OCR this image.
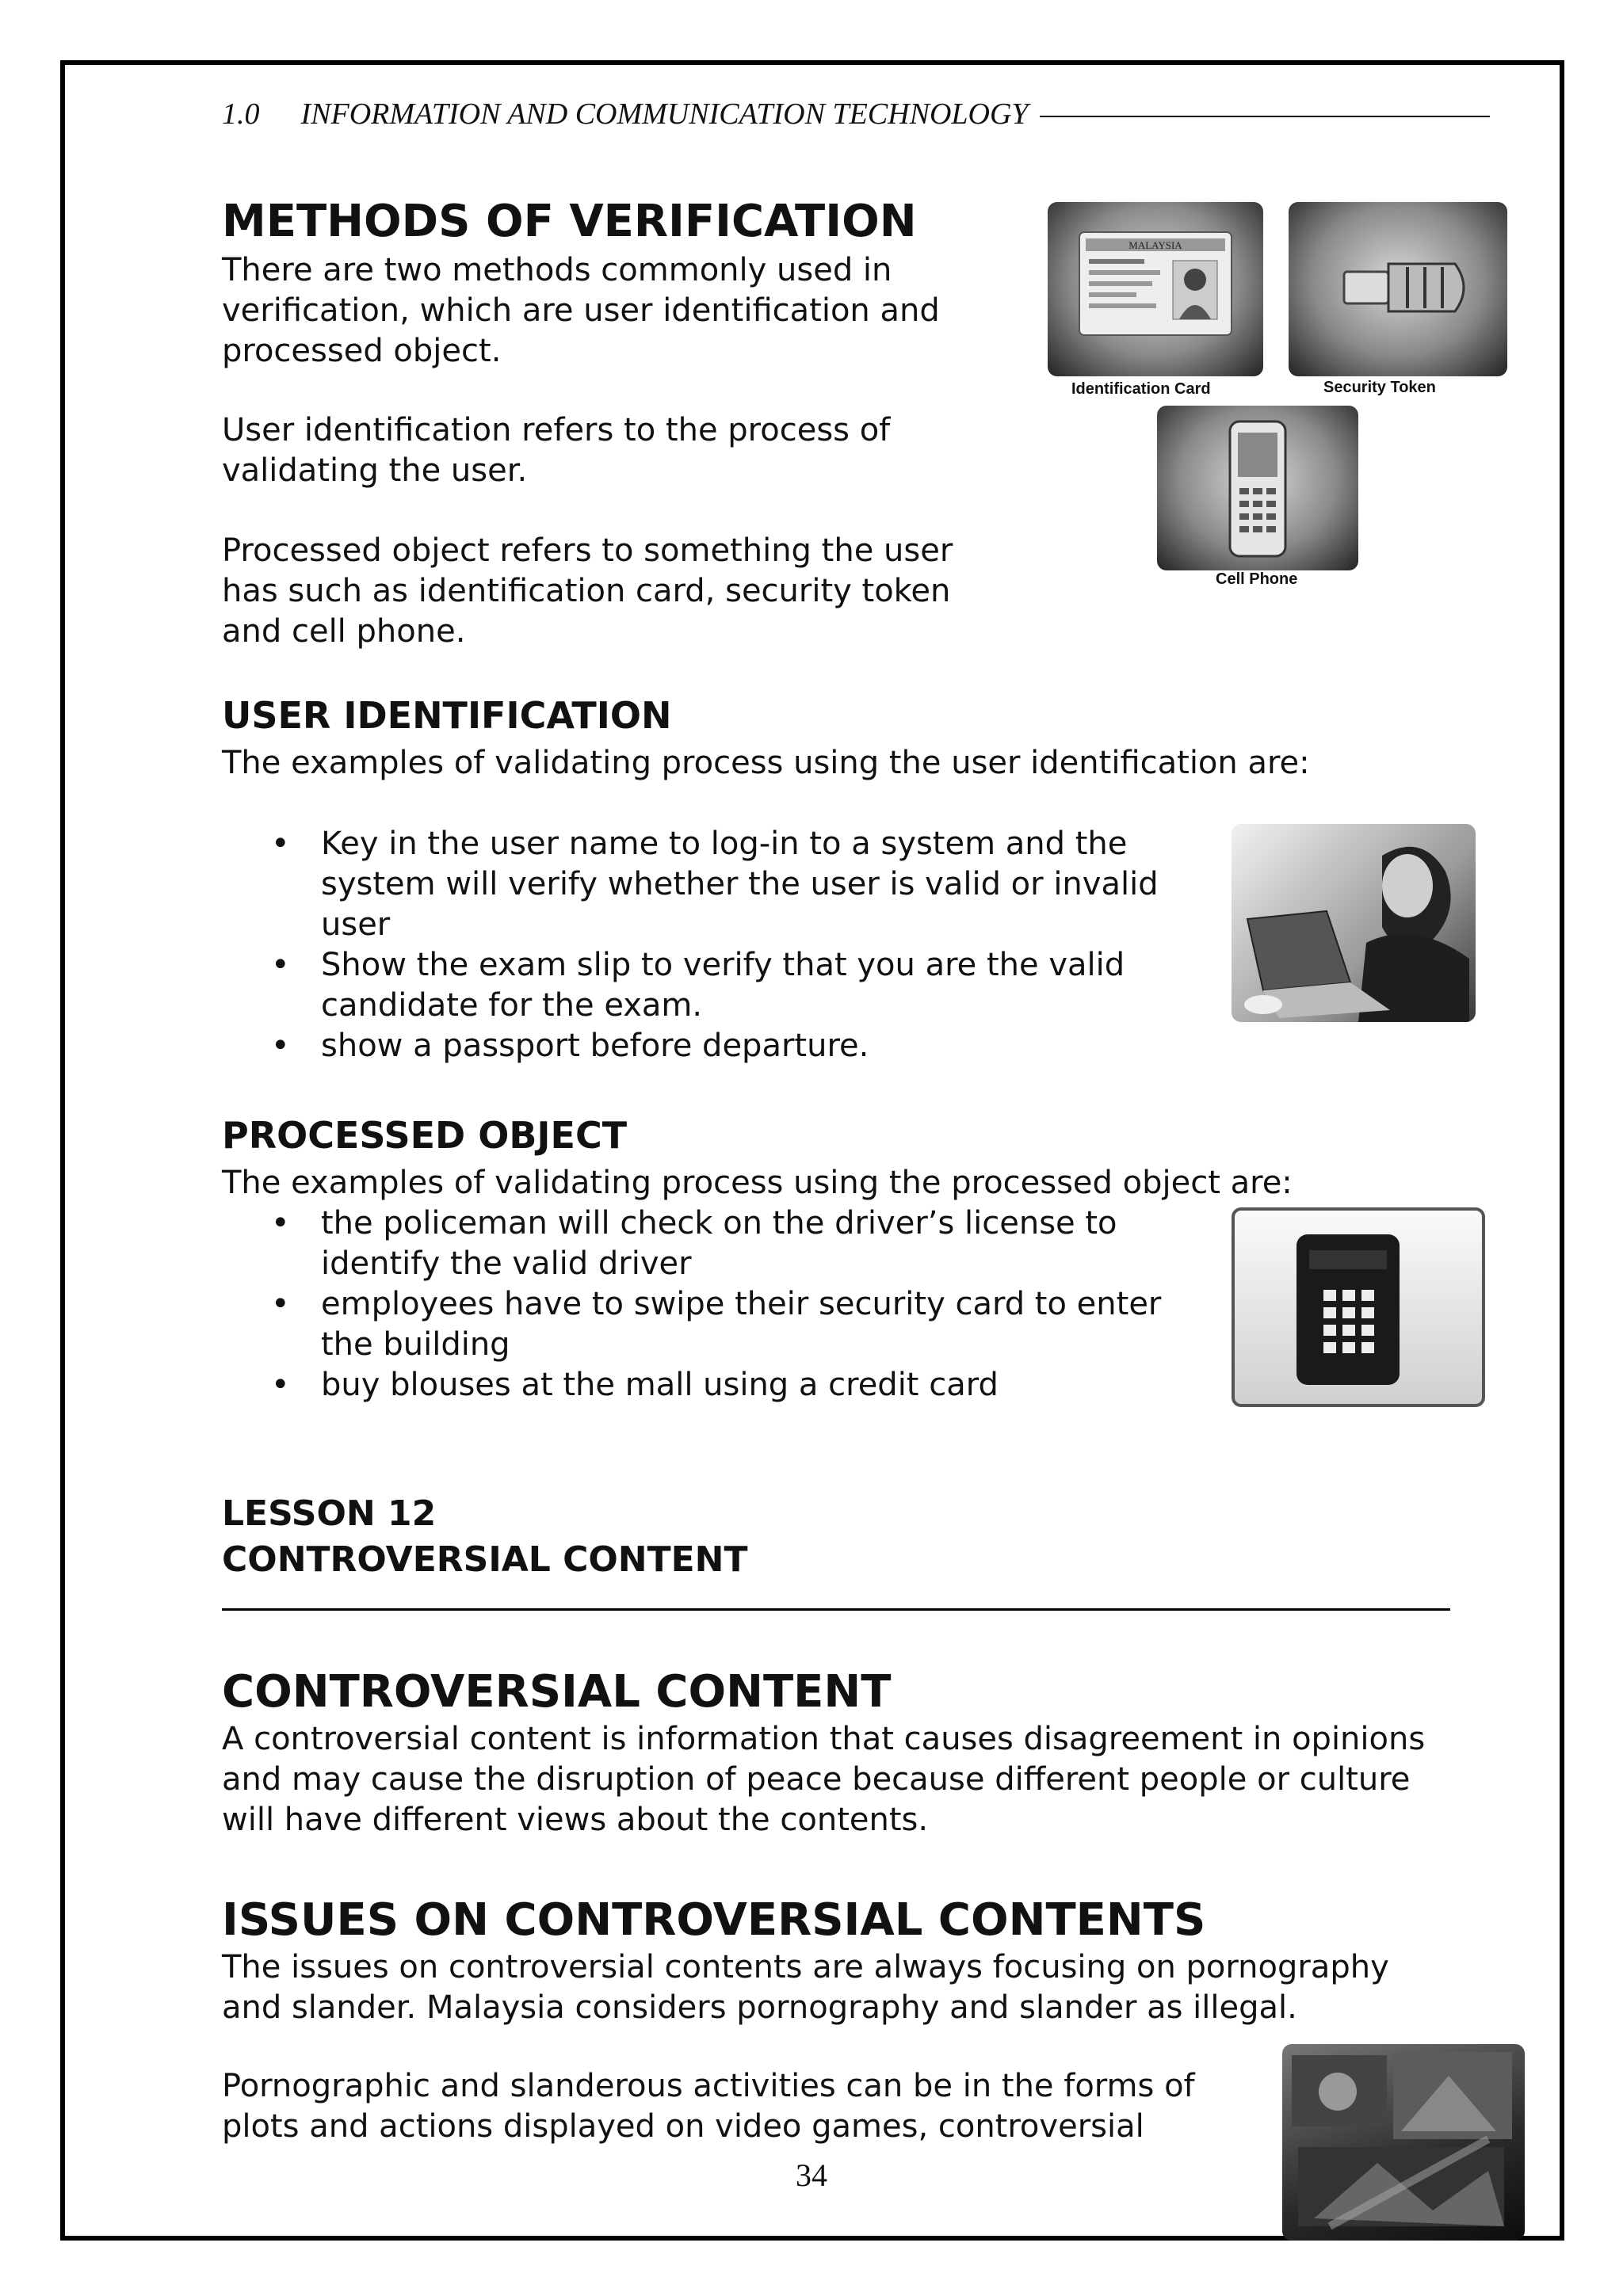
1.0 INFORMATION AND COMMUNICATION TECHNOLOGY
METHODS OF VERIFICATION

There are two methods commonly used in
verification, which are user identification and
processed object.

User identification refers to the process of
validating the user.

Processed object refers to something the user
has such as identification card, security token
and cell phone.

MALAYSIA
Identification Card	Security Token
Cell Phone
USER IDENTIFICATION

The examples of validating process using the user identification are:

• Key in the user name to log-in to a system and the
system will verify whether the user is valid or invalid
user
• Show the exam slip to verify that you are the valid
candidate for the exam.
• show a passport before departure.
PROCESSED OBJECT

The examples of validating process using the processed object are:

• the policeman will check on the driver’s license to
identify the valid driver
• employees have to swipe their security card to enter
the building
• buy blouses at the mall using a credit card
LESSON 12
CONTROVERSIAL CONTENT
CONTROVERSIAL CONTENT

A controversial content is information that causes disagreement in opinions
and may cause the disruption of peace because different people or culture
will have different views about the contents.

ISSUES ON CONTROVERSIAL CONTENTS

The issues on controversial contents are always focusing on pornography
and slander. Malaysia considers pornography and slander as illegal.

Pornographic and slanderous activities can be in the forms of
plots and actions displayed on video games, controversial

34
